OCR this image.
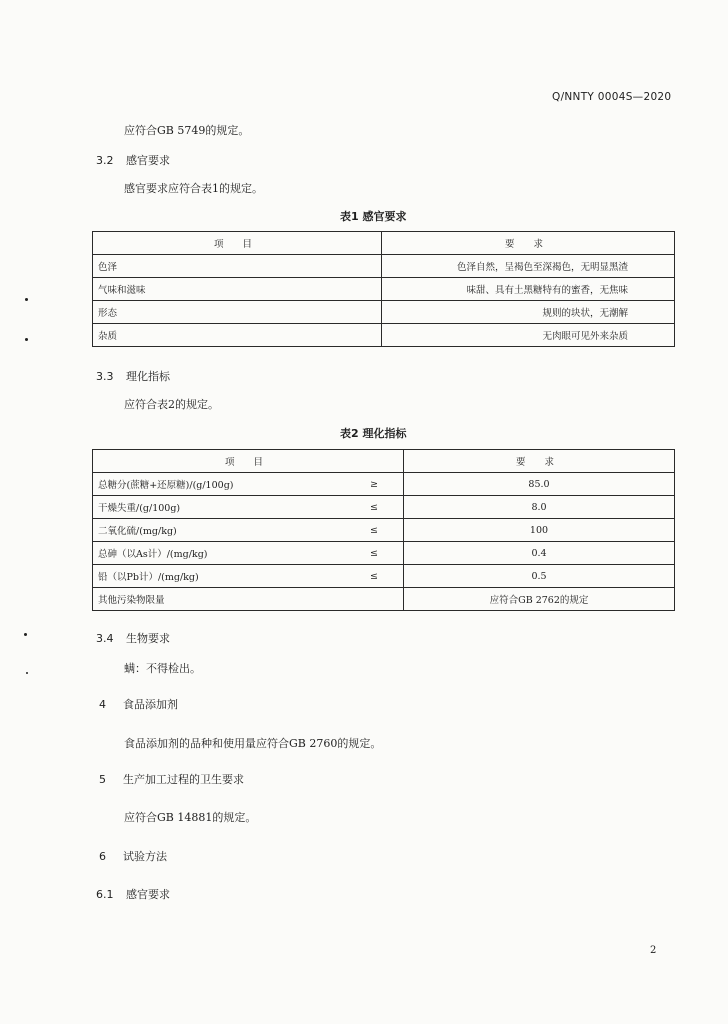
Q/NNTY 0004S—2020
应符合GB 5749的规定。
3.2 感官要求
感官要求应符合表1的规定。
表1 感官要求
项 目	要 求
色泽	色泽自然，呈褐色至深褐色，无明显黑渣
气味和滋味	味甜、具有土黑糖特有的蜜香，无焦味
形态	规则的块状，无潮解
杂质	无肉眼可见外来杂质
3.3 理化指标
应符合表2的规定。
表2 理化指标
项 目		要 求
总糖分(蔗糖+还原糖)/(g/100g)	≥	85.0
干燥失重/(g/100g)	≤	8.0
二氧化硫/(mg/kg)	≤	100
总砷（以As计）/(mg/kg)	≤	0.4
铅（以Pb计）/(mg/kg)	≤	0.5
其他污染物限量		应符合GB 2762的规定
3.4 生物要求
螨：不得检出。
4 食品添加剂
食品添加剂的品种和使用量应符合GB 2760的规定。
5 生产加工过程的卫生要求
应符合GB 14881的规定。
6 试验方法
6.1 感官要求
2
